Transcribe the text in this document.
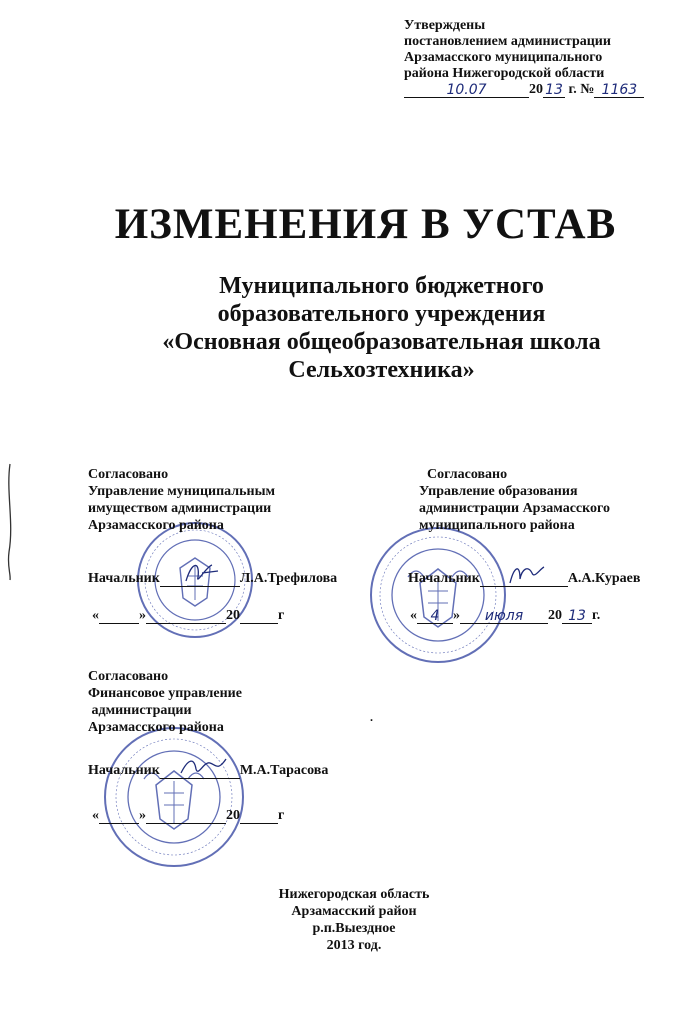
Утверждены
постановлением администрации
Арзамасского муниципального
района Нижегородской области
10.07	20 13 г. № 1163
ИЗМЕНЕНИЯ В УСТАВ
Муниципального бюджетного
образовательного учреждения
«Основная общеобразовательная школа
Сельхозтехника»
Согласовано
Управление муниципальным
имуществом администрации
Арзамасского района
Начальник	Л.А.Трефилова
«	»	20	г
Согласовано
Управление образования
администрации Арзамасского
муниципального района
Начальник	А.А.Кураев
« 4 » июля 20 13 г.
Согласовано
Финансовое управление
администрации
Арзамасского района
.
Начальник	М.А.Тарасова
«	»	20	г
Нижегородская область
Арзамасский район
р.п.Выездное
2013 год.
